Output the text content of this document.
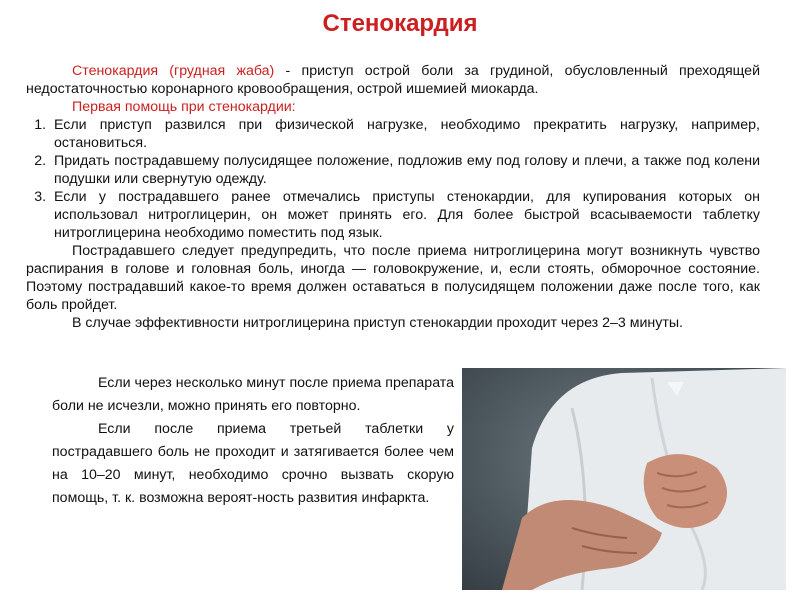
Стенокардия

Стенокардия (грудная жаба) - приступ острой боли за грудиной, обусловленный преходящей недостаточностью коронарного кровообращения, острой ишемией миокарда.

Первая помощь при стенокардии:

1. Если приступ развился при физической нагрузке, необходимо прекратить нагрузку, например, остановиться.
2. Придать пострадавшему полусидящее положение, подложив ему под голову и плечи, а также под колени подушки или свернутую одежду.
3. Если у пострадавшего ранее отмечались приступы стенокардии, для купирования которых он использовал нитроглицерин, он может принять его. Для более быстрой всасываемости таблетку нитроглицерина необходимо поместить под язык.

Пострадавшего следует предупредить, что после приема нитроглицерина могут возникнуть чувство распирания в голове и головная боль, иногда — головокружение, и, если стоять, обморочное состояние. Поэтому пострадавший какое-то время должен оставаться в полусидящем положении даже после того, как боль пройдет.

В случае эффективности нитроглицерина приступ стенокардии проходит через 2–3 минуты.

Если через несколько минут после приема препарата боли не исчезли, можно принять его повторно.

Если после приема третьей таблетки у пострадавшего боль не проходит и затягивается более чем на 10–20 минут, необходимо срочно вызвать скорую помощь, т. к. возможна вероят-ность развития инфаркта.
